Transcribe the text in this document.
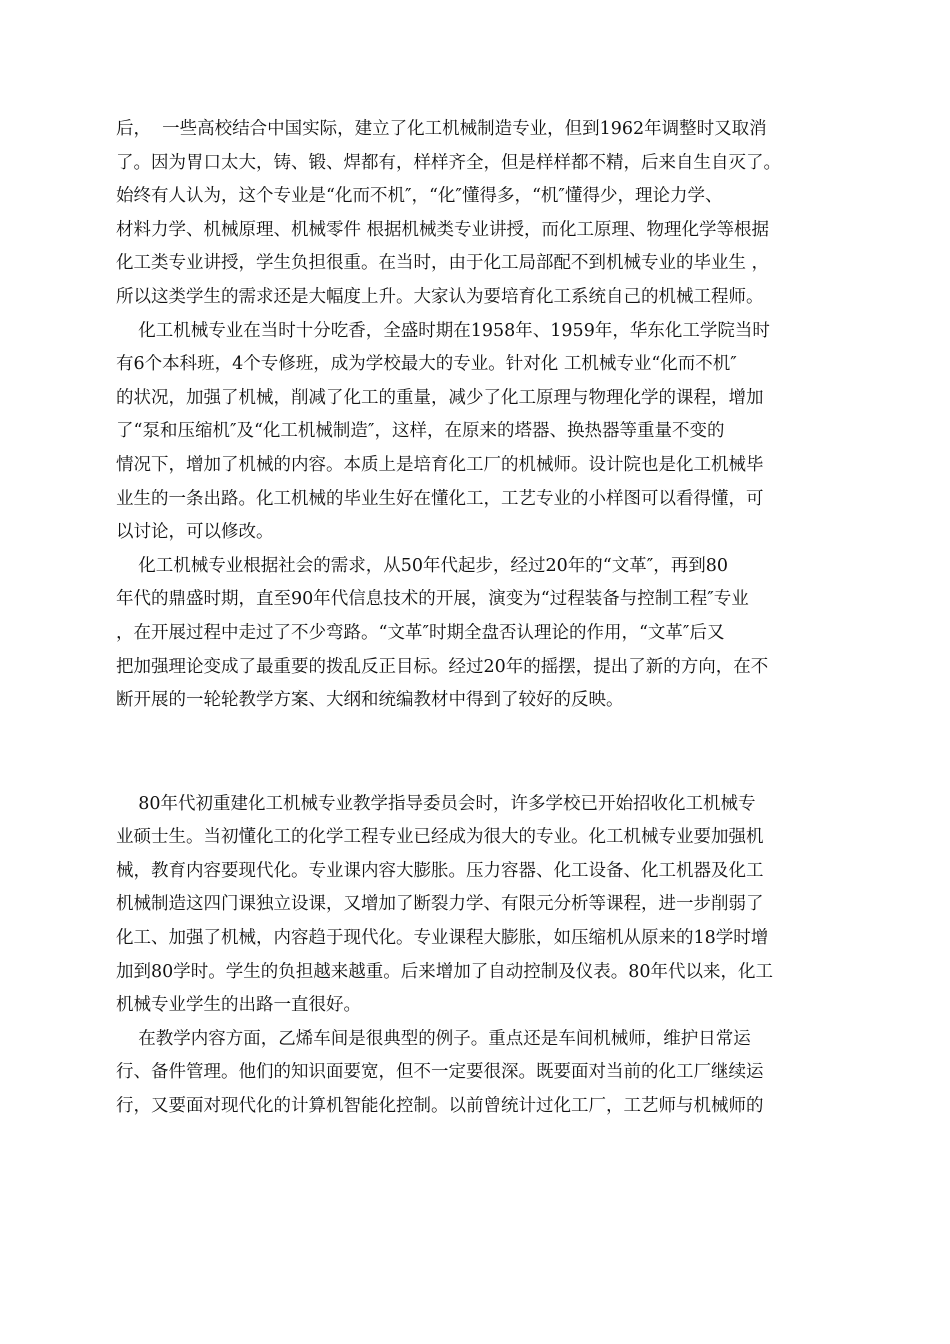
后，  一些高校结合中国实际，建立了化工机械制造专业，但到1962年调整时又取消
了。因为胃口太大，铸、锻、焊都有，样样齐全，但是样样都不精，后来自生自灭了。
始终有人认为，这个专业是“化而不机″，“化″懂得多，“机″懂得少，理论力学、
材料力学、机械原理、机械零件 根据机械类专业讲授，而化工原理、物理化学等根据
化工类专业讲授，学生负担很重。在当时，由于化工局部配不到机械专业的毕业生 ，
所以这类学生的需求还是大幅度上升。大家认为要培育化工系统自己的机械工程师。
化工机械专业在当时十分吃香，全盛时期在1958年、1959年，华东化工学院当时
有6个本科班，4个专修班，成为学校最大的专业。针对化 工机械专业“化而不机″
的状况，加强了机械，削减了化工的重量，减少了化工原理与物理化学的课程，增加
了“泵和压缩机″及“化工机械制造″，这样，在原来的塔器、换热器等重量不变的
情况下，增加了机械的内容。本质上是培育化工厂的机械师。设计院也是化工机械毕
业生的一条出路。化工机械的毕业生好在懂化工，工艺专业的小样图可以看得懂，可
以讨论，可以修改。
化工机械专业根据社会的需求，从50年代起步，经过20年的“文革″，再到80
年代的鼎盛时期，直至90年代信息技术的开展，演变为“过程装备与控制工程″专业
，在开展过程中走过了不少弯路。“文革″时期全盘否认理论的作用，“文革″后又
把加强理论变成了最重要的拨乱反正目标。经过20年的摇摆，提出了新的方向，在不
断开展的一轮轮教学方案、大纲和统编教材中得到了较好的反映。
80年代初重建化工机械专业教学指导委员会时，许多学校已开始招收化工机械专
业硕士生。当初懂化工的化学工程专业已经成为很大的专业。化工机械专业要加强机
械，教育内容要现代化。专业课内容大膨胀。压力容器、化工设备、化工机器及化工
机械制造这四门课独立设课，又增加了断裂力学、有限元分析等课程，进一步削弱了
化工、加强了机械，内容趋于现代化。专业课程大膨胀，如压缩机从原来的18学时增
加到80学时。学生的负担越来越重。后来增加了自动控制及仪表。80年代以来，化工
机械专业学生的出路一直很好。
在教学内容方面，乙烯车间是很典型的例子。重点还是车间机械师，维护日常运
行、备件管理。他们的知识面要宽，但不一定要很深。既要面对当前的化工厂继续运
行，又要面对现代化的计算机智能化控制。以前曾统计过化工厂，工艺师与机械师的
